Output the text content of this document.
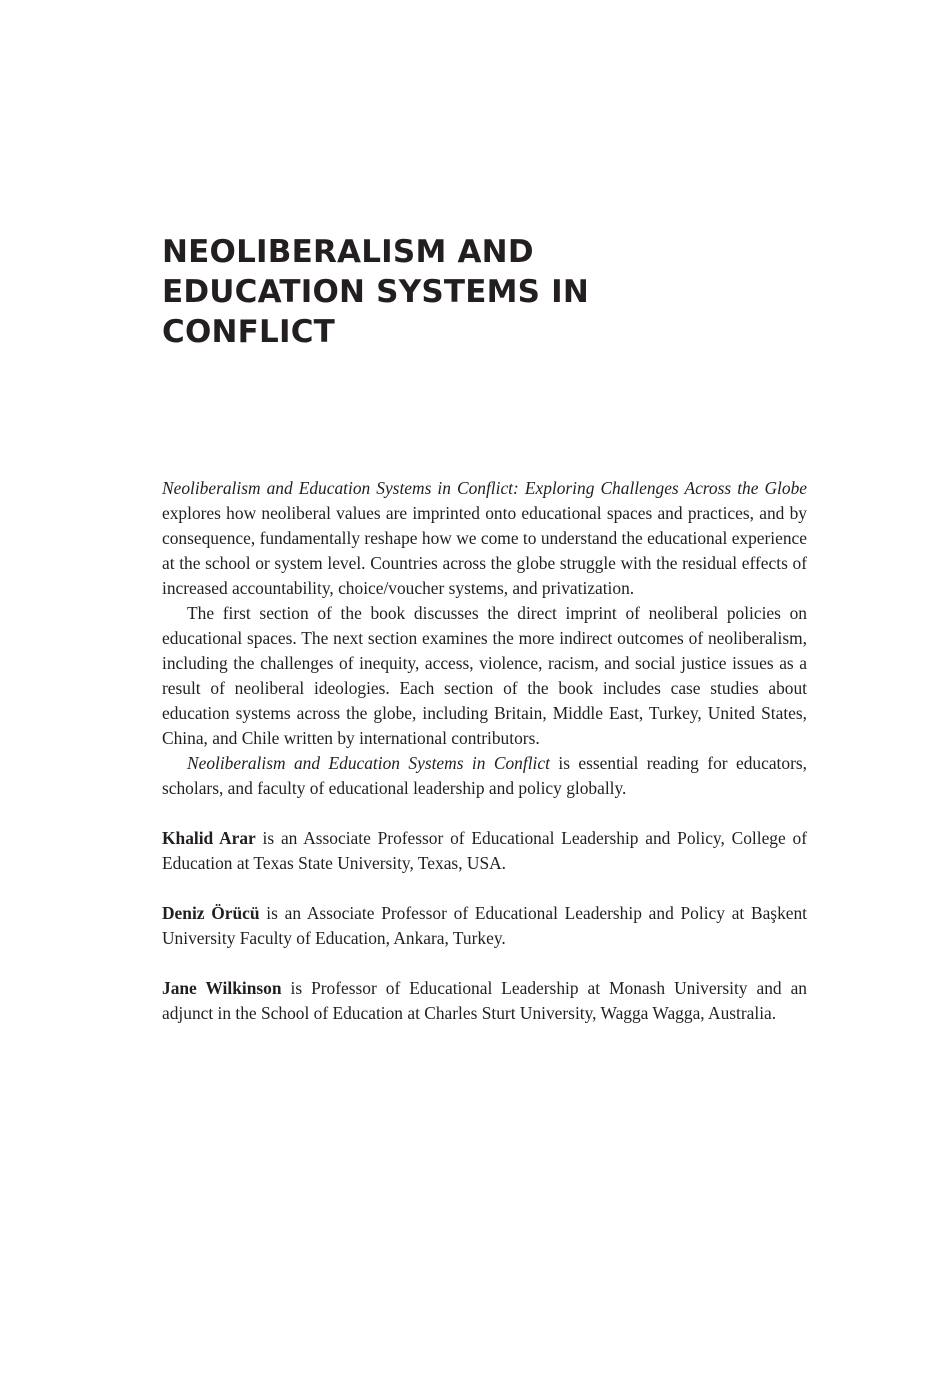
NEOLIBERALISM AND
EDUCATION SYSTEMS IN
CONFLICT

Neoliberalism and Education Systems in Conflict: Exploring Challenges Across the Globe explores how neoliberal values are imprinted onto educational spaces and practices, and by consequence, fundamentally reshape how we come to understand the educational experience at the school or system level. Countries across the globe struggle with the residual effects of increased accountability, choice/voucher systems, and privatization.

The first section of the book discusses the direct imprint of neoliberal policies on educational spaces. The next section examines the more indirect outcomes of neoliberalism, including the challenges of inequity, access, violence, racism, and social justice issues as a result of neoliberal ideologies. Each section of the book includes case studies about education systems across the globe, including Britain, Middle East, Turkey, United States, China, and Chile written by international contributors.

Neoliberalism and Education Systems in Conflict is essential reading for educators, scholars, and faculty of educational leadership and policy globally.

Khalid Arar is an Associate Professor of Educational Leadership and Policy, College of Education at Texas State University, Texas, USA.

Deniz Örücü is an Associate Professor of Educational Leadership and Policy at Başkent University Faculty of Education, Ankara, Turkey.

Jane Wilkinson is Professor of Educational Leadership at Monash University and an adjunct in the School of Education at Charles Sturt University, Wagga Wagga, Australia.
